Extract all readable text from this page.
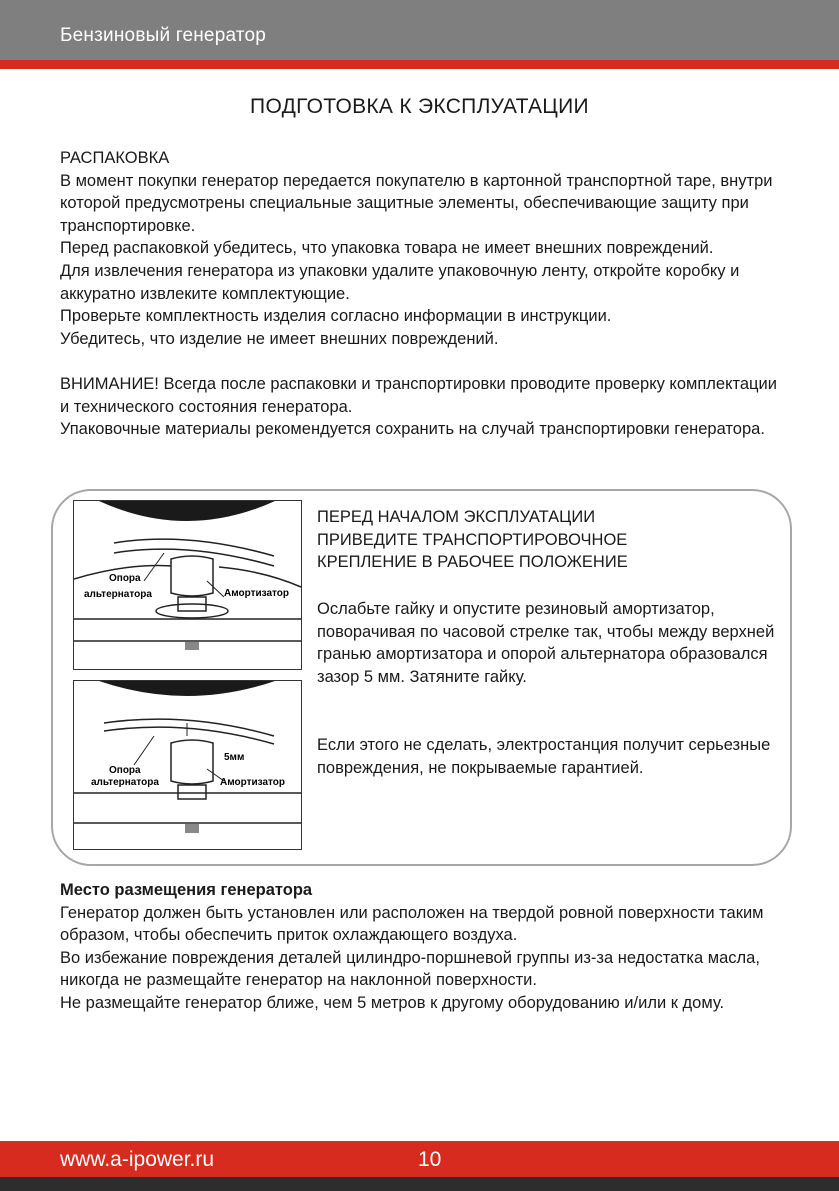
Бензиновый генератор
ПОДГОТОВКА К ЭКСПЛУАТАЦИИ

РАСПАКОВКА

В момент покупки генератор передается покупателю в картонной транспортной таре, внутри которой предусмотрены специальные защитные элементы, обеспечивающие защиту при транспортировке.

Перед распаковкой убедитесь, что упаковка товара не имеет внешних повреждений.

Для извлечения генератора из упаковки удалите упаковочную ленту, откройте коробку и аккуратно извлеките комплектующие.

Проверьте комплектность изделия согласно информации в инструкции.

Убедитесь, что изделие не имеет внешних повреждений.

ВНИМАНИЕ! Всегда после распаковки и транспортировки проводите проверку комплектации и технического состояния генератора.

Упаковочные материалы рекомендуется сохранить на случай транспортировки генератора.

Опора
альтернатора	Амортизатор
5мм
Опора
альтернатора	Амортизатор

ПЕРЕД НАЧАЛОМ ЭКСПЛУАТАЦИИ

ПРИВЕДИТЕ ТРАНСПОРТИРОВОЧНОЕ

КРЕПЛЕНИЕ В РАБОЧЕЕ ПОЛОЖЕНИЕ

Ослабьте гайку и опустите резиновый амортизатор, поворачивая по часовой стрелке так, чтобы между верхней гранью амортизатора и опорой альтернатора образовался зазор 5 мм. Затяните гайку.

Если этого не сделать, электростанция получит серьезные повреждения, не покрываемые гарантией.

Место размещения генератора

Генератор должен быть установлен или расположен на твердой ровной поверхности таким образом, чтобы обеспечить приток охлаждающего воздуха.

Во избежание повреждения деталей цилиндро-поршневой группы из-за недостатка масла, никогда не размещайте генератор на наклонной поверхности.

Не размещайте генератор ближе, чем 5 метров к другому оборудованию и/или к дому.

www.a-ipower.ru	10
